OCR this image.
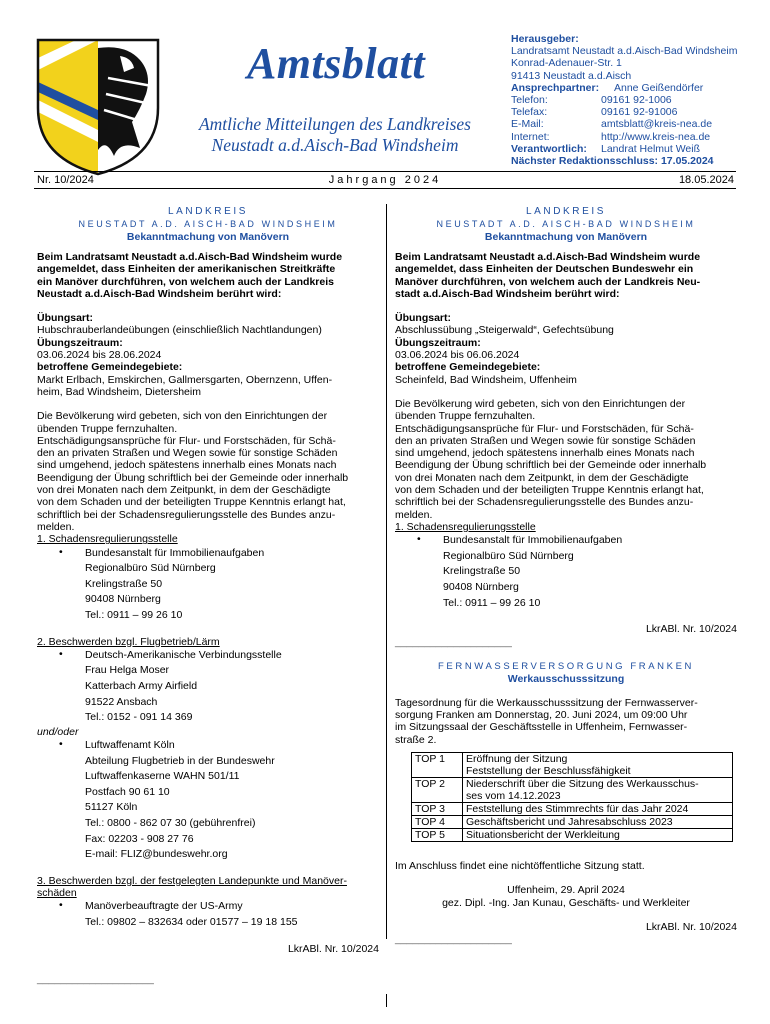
Amtsblatt
Amtliche Mitteilungen des Landkreises
Neustadt a.d.Aisch-Bad Windsheim
Herausgeber:
Landratsamt Neustadt a.d.Aisch-Bad Windsheim
Konrad-Adenauer-Str. 1
91413 Neustadt a.d.Aisch
Ansprechpartner:	Anne Geißendörfer
Telefon:	09161 92-1006
Telefax:	09161 92-91006
E-Mail:	amtsblatt@kreis-nea.de
Internet:	http://www.kreis-nea.de
Verantwortlich:	Landrat Helmut Weiß
Nächster Redaktionsschluss: 17.05.2024
Nr. 10/2024	Jahrgang 2024	18.05.2024
LANDKREIS
NEUSTADT A.D. AISCH-BAD WINDSHEIM
Bekanntmachung von Manövern

Beim Landratsamt Neustadt a.d.Aisch-Bad Windsheim wurde

angemeldet, dass Einheiten der amerikanischen Streitkräfte

ein Manöver durchführen, von welchem auch der Landkreis

Neustadt a.d.Aisch-Bad Windsheim berührt wird:

Übungsart:

Hubschrauberlandeübungen (einschließlich Nachtlandungen)

Übungszeitraum:

03.06.2024 bis 28.06.2024

betroffene Gemeindegebiete:

Markt Erlbach, Emskirchen, Gallmersgarten, Obernzenn, Uffen-

heim, Bad Windsheim, Dietersheim

Die Bevölkerung wird gebeten, sich von den Einrichtungen der

übenden Truppe fernzuhalten.

Entschädigungsansprüche für Flur- und Forstschäden, für Schä-

den an privaten Straßen und Wegen sowie für sonstige Schäden

sind umgehend, jedoch spätestens innerhalb eines Monats nach

Beendigung der Übung schriftlich bei der Gemeinde oder innerhalb

von drei Monaten nach dem Zeitpunkt, in dem der Geschädigte

von dem Schaden und der beteiligten Truppe Kenntnis erlangt hat,

schriftlich bei der Schadensregulierungsstelle des Bundes anzu-

melden.

1. Schadensregulierungsstelle

• Bundesanstalt für Immobilienaufgaben
Regionalbüro Süd Nürnberg
Krelingstraße 50
90408 Nürnberg
Tel.: 0911 – 99 26 10

2. Beschwerden bzgl. Flugbetrieb/Lärm

• Deutsch-Amerikanische Verbindungsstelle
Frau Helga Moser
Katterbach Army Airfield
91522 Ansbach
Tel.: 0152 - 091 14 369

und/oder

• Luftwaffenamt Köln
Abteilung Flugbetrieb in der Bundeswehr
Luftwaffenkaserne WAHN 501/11
Postfach 90 61 10
51127 Köln
Tel.: 0800 - 862 07 30 (gebührenfrei)
Fax: 02203 - 908 27 76
E-mail: FLIZ@bundeswehr.org

3. Beschwerden bzgl. der festgelegten Landepunkte und Manöver-

schäden

• Manöverbeauftragte der US-Army
Tel.: 09802 – 832634 oder 01577 – 19 18 155

LkrABl. Nr. 10/2024

____________________

LANDKREIS
NEUSTADT A.D. AISCH-BAD WINDSHEIM
Bekanntmachung von Manövern

Beim Landratsamt Neustadt a.d.Aisch-Bad Windsheim wurde

angemeldet, dass Einheiten der Deutschen Bundeswehr ein

Manöver durchführen, von welchem auch der Landkreis Neu-

stadt a.d.Aisch-Bad Windsheim berührt wird:

Übungsart:

Abschlussübung „Steigerwald“, Gefechtsübung

Übungszeitraum:

03.06.2024 bis 06.06.2024

betroffene Gemeindegebiete:

Scheinfeld, Bad Windsheim, Uffenheim

Die Bevölkerung wird gebeten, sich von den Einrichtungen der

übenden Truppe fernzuhalten.

Entschädigungsansprüche für Flur- und Forstschäden, für Schä-

den an privaten Straßen und Wegen sowie für sonstige Schäden

sind umgehend, jedoch spätestens innerhalb eines Monats nach

Beendigung der Übung schriftlich bei der Gemeinde oder innerhalb

von drei Monaten nach dem Zeitpunkt, in dem der Geschädigte

von dem Schaden und der beteiligten Truppe Kenntnis erlangt hat,

schriftlich bei der Schadensregulierungsstelle des Bundes anzu-

melden.

1. Schadensregulierungsstelle

• Bundesanstalt für Immobilienaufgaben
Regionalbüro Süd Nürnberg
Krelingstraße 50
90408 Nürnberg
Tel.: 0911 – 99 26 10

LkrABl. Nr. 10/2024

____________________

FERNWASSERVERSORGUNG FRANKEN
Werkausschusssitzung

Tagesordnung für die Werkausschusssitzung der Fernwasserver-

sorgung Franken am Donnerstag, 20. Juni 2024, um 09:00 Uhr

im Sitzungssaal der Geschäftsstelle in Uffenheim, Fernwasser-

straße 2.

TOP 1	Eröffnung der Sitzung
Feststellung der Beschlussfähigkeit

TOP 2	Niederschrift über die Sitzung des Werkausschus-
ses vom 14.12.2023

TOP 3	Feststellung des Stimmrechts für das Jahr 2024
TOP 4	Geschäftsbericht und Jahresabschluss 2023
TOP 5	Situationsbericht der Werkleitung

Im Anschluss findet eine nichtöffentliche Sitzung statt.

Uffenheim, 29. April 2024

gez. Dipl. -Ing. Jan Kunau, Geschäfts- und Werkleiter

LkrABl. Nr. 10/2024

____________________
